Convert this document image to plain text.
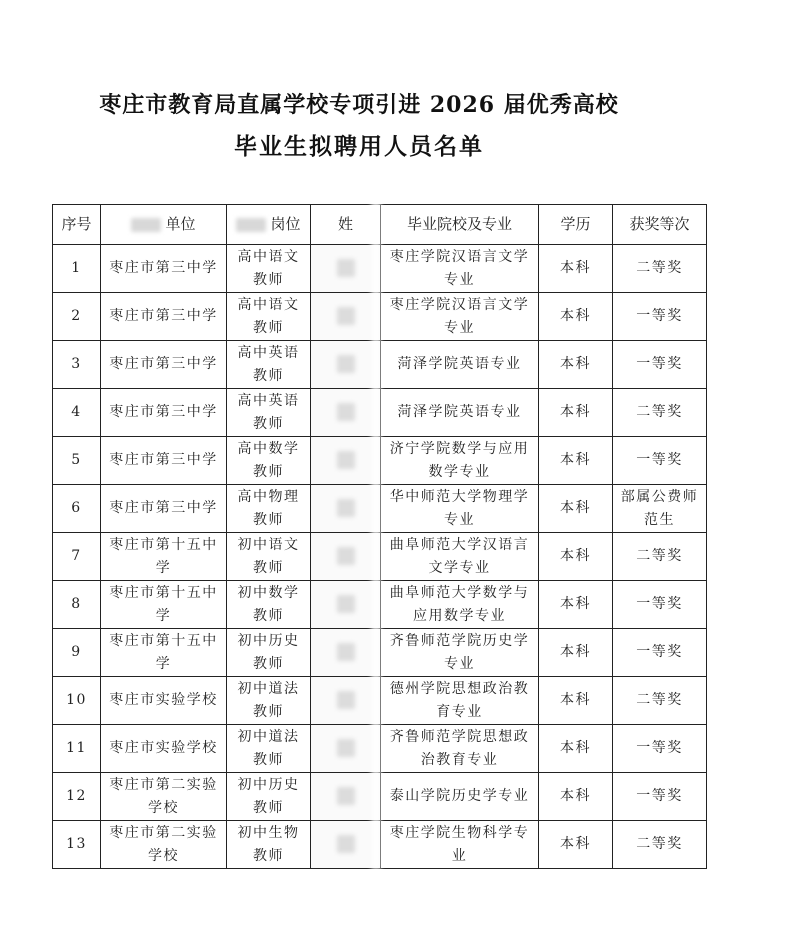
枣庄市教育局直属学校专项引进 2026 届优秀高校
毕业生拟聘用人员名单
序号	单位	岗位	姓	毕业院校及专业	学历	获奖等次
1	枣庄市第三中学	高中语文教师		枣庄学院汉语言文学专业	本科	二等奖
2	枣庄市第三中学	高中语文教师		枣庄学院汉语言文学专业	本科	一等奖
3	枣庄市第三中学	高中英语教师		菏泽学院英语专业	本科	一等奖
4	枣庄市第三中学	高中英语教师		菏泽学院英语专业	本科	二等奖
5	枣庄市第三中学	高中数学教师		济宁学院数学与应用数学专业	本科	一等奖
6	枣庄市第三中学	高中物理教师		华中师范大学物理学专业	本科	部属公费师范生
7	枣庄市第十五中学	初中语文教师		曲阜师范大学汉语言文学专业	本科	二等奖
8	枣庄市第十五中学	初中数学教师		曲阜师范大学数学与应用数学专业	本科	一等奖
9	枣庄市第十五中学	初中历史教师		齐鲁师范学院历史学专业	本科	一等奖
10	枣庄市实验学校	初中道法教师		德州学院思想政治教育专业	本科	二等奖
11	枣庄市实验学校	初中道法教师		齐鲁师范学院思想政治教育专业	本科	一等奖
12	枣庄市第二实验学校	初中历史教师		泰山学院历史学专业	本科	一等奖
13	枣庄市第二实验学校	初中生物教师		枣庄学院生物科学专业	本科	二等奖
